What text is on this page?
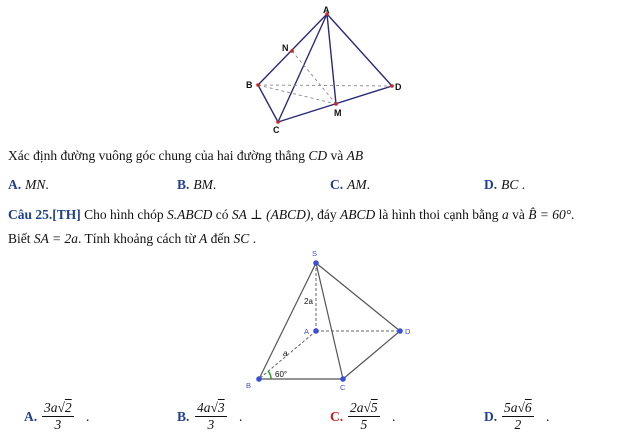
A
N
B	D
M
C
Xác định đường vuông góc chung của hai đường thẳng CD và AB
A. MN.	B. BM.	C. AM.	D. BC .
Câu 25.[TH] Cho hình chóp S.ABCD có SA ⊥ (ABCD), đáy ABCD là hình thoi cạnh bằng a và B̂ = 60°.
Biết SA = 2a. Tính khoảng cách từ A đến SC .
S
A	D
B	C
2a
a
60°
A. $\frac{3a√2}{3}$ .	B. $\frac{4a√3}{3}$ .	C. $\frac{2a√5}{5}$ .	D. $\frac{5a√6}{2}$ .
